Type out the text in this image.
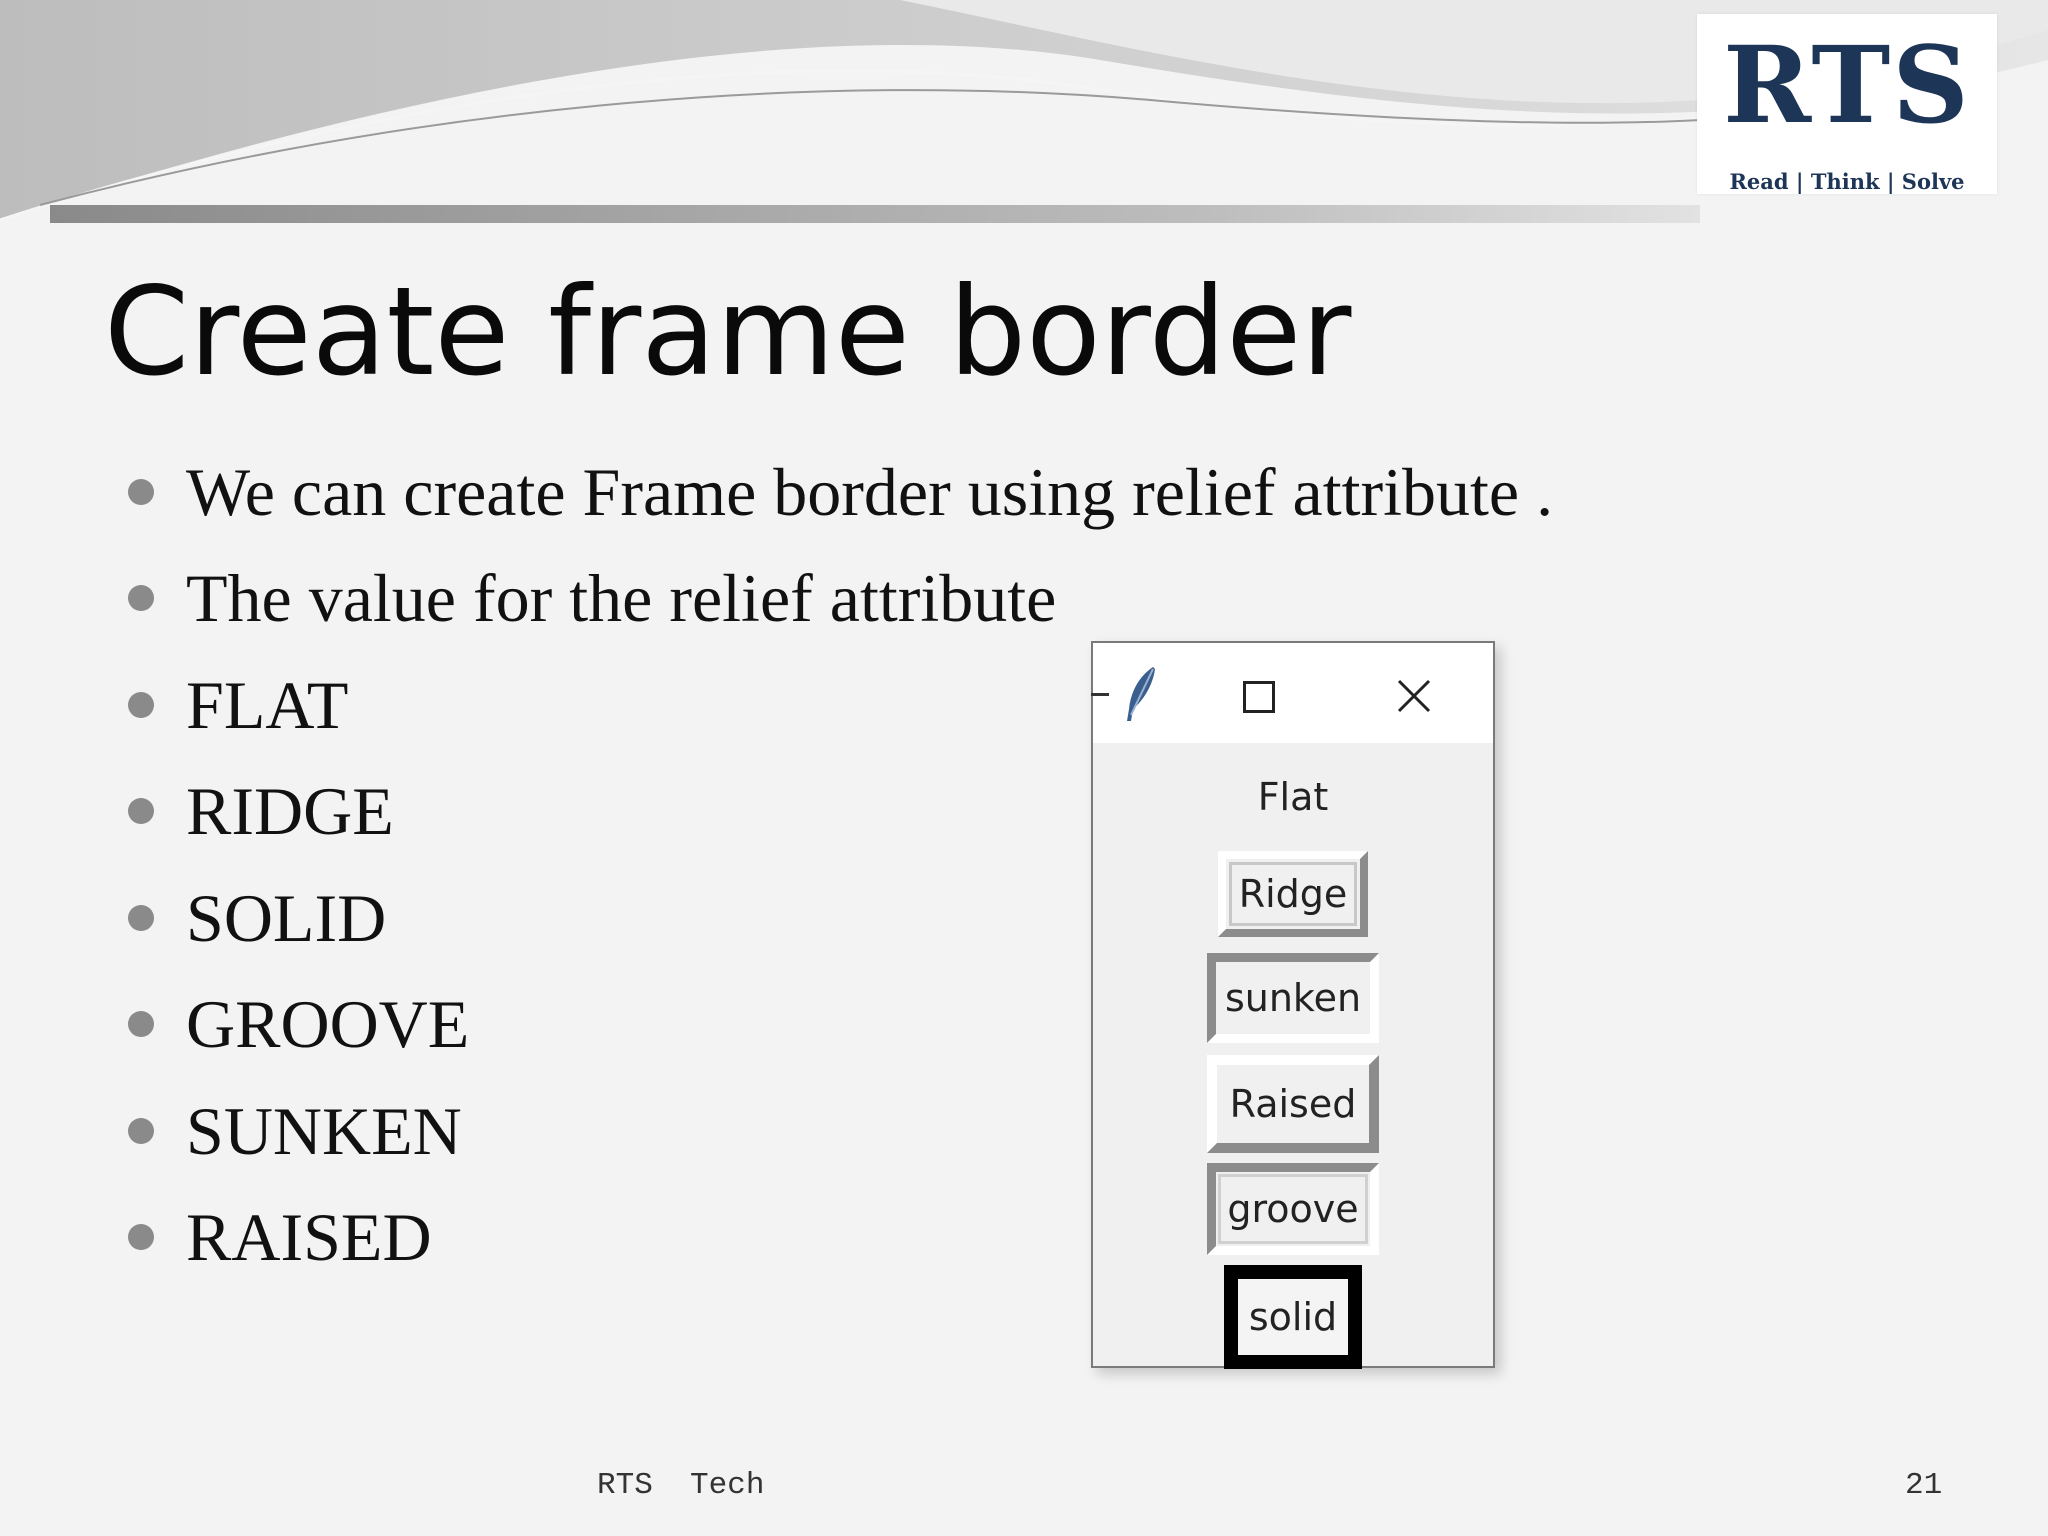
RTS
Read | Think | Solve
Create frame border
We can create Frame border using relief attribute .
The value for the relief attribute
FLAT
RIDGE
SOLID
GROOVE
SUNKEN
RAISED
Flat
Ridge
sunken
Raised
groove
solid
RTS  Tech	21
